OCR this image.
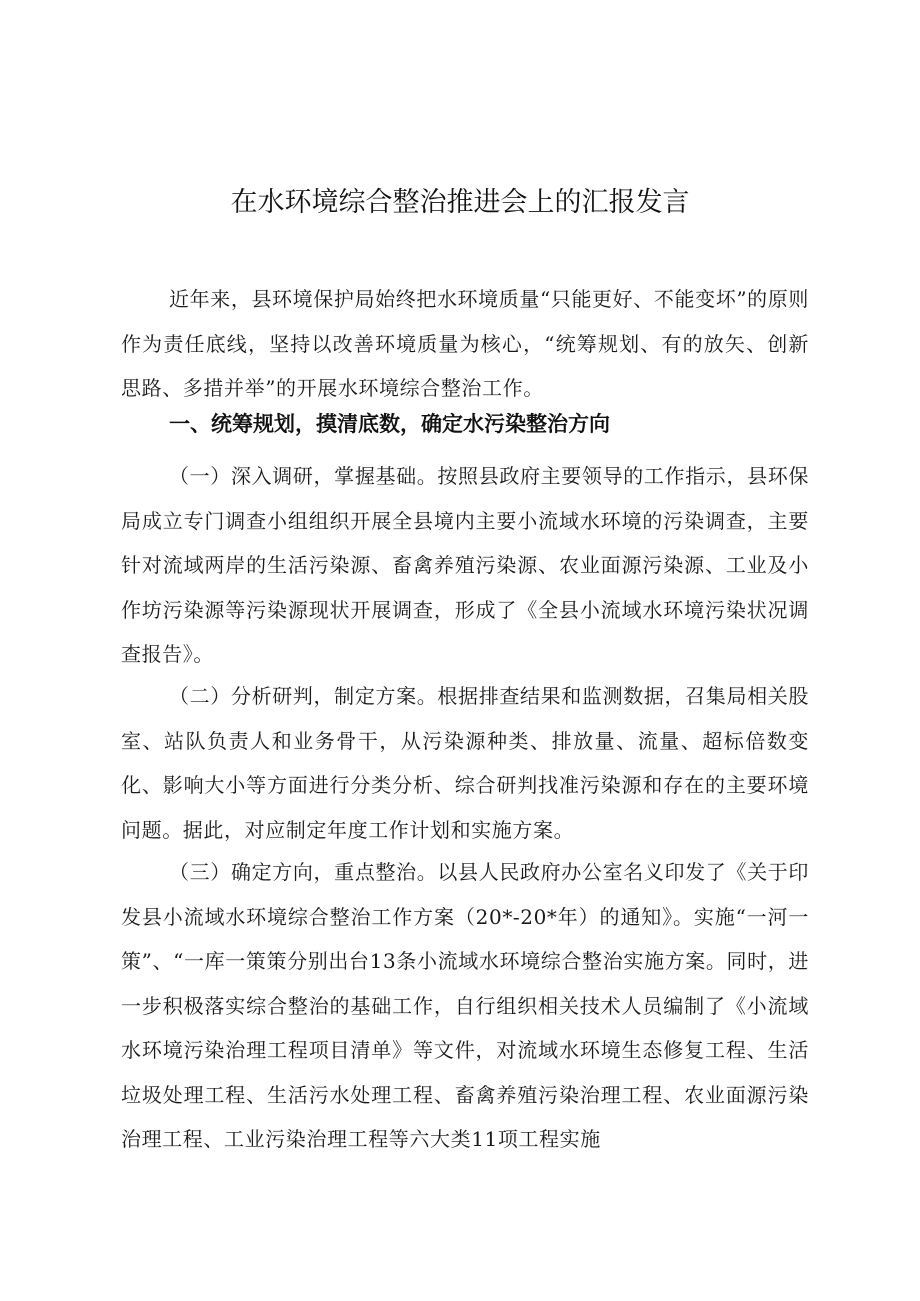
在水环境综合整治推进会上的汇报发言

近年来，县环境保护局始终把水环境质量“只能更好、不能变坏”的原则作为责任底线，坚持以改善环境质量为核心，“统筹规划、有的放矢、创新思路、多措并举”的开展水环境综合整治工作。

一、统筹规划，摸清底数，确定水污染整治方向

（一）深入调研，掌握基础。按照县政府主要领导的工作指示，县环保局成立专门调查小组组织开展全县境内主要小流域水环境的污染调查，主要针对流域两岸的生活污染源、畜禽养殖污染源、农业面源污染源、工业及小作坊污染源等污染源现状开展调查，形成了《全县小流域水环境污染状况调查报告》。

（二）分析研判，制定方案。根据排查结果和监测数据，召集局相关股室、站队负责人和业务骨干，从污染源种类、排放量、流量、超标倍数变化、影响大小等方面进行分类分析、综合研判找准污染源和存在的主要环境问题。据此，对应制定年度工作计划和实施方案。

（三）确定方向，重点整治。以县人民政府办公室名义印发了《关于印发县小流域水环境综合整治工作方案（20*-20*年）的通知》。实施“一河一策”、“一库一策策分别出台13条小流域水环境综合整治实施方案。同时，进一步积极落实综合整治的基础工作，自行组织相关技术人员编制了《小流域水环境污染治理工程项目清单》等文件，对流域水环境生态修复工程、生活垃圾处理工程、生活污水处理工程、畜禽养殖污染治理工程、农业面源污染治理工程、工业污染治理工程等六大类11项工程实施
